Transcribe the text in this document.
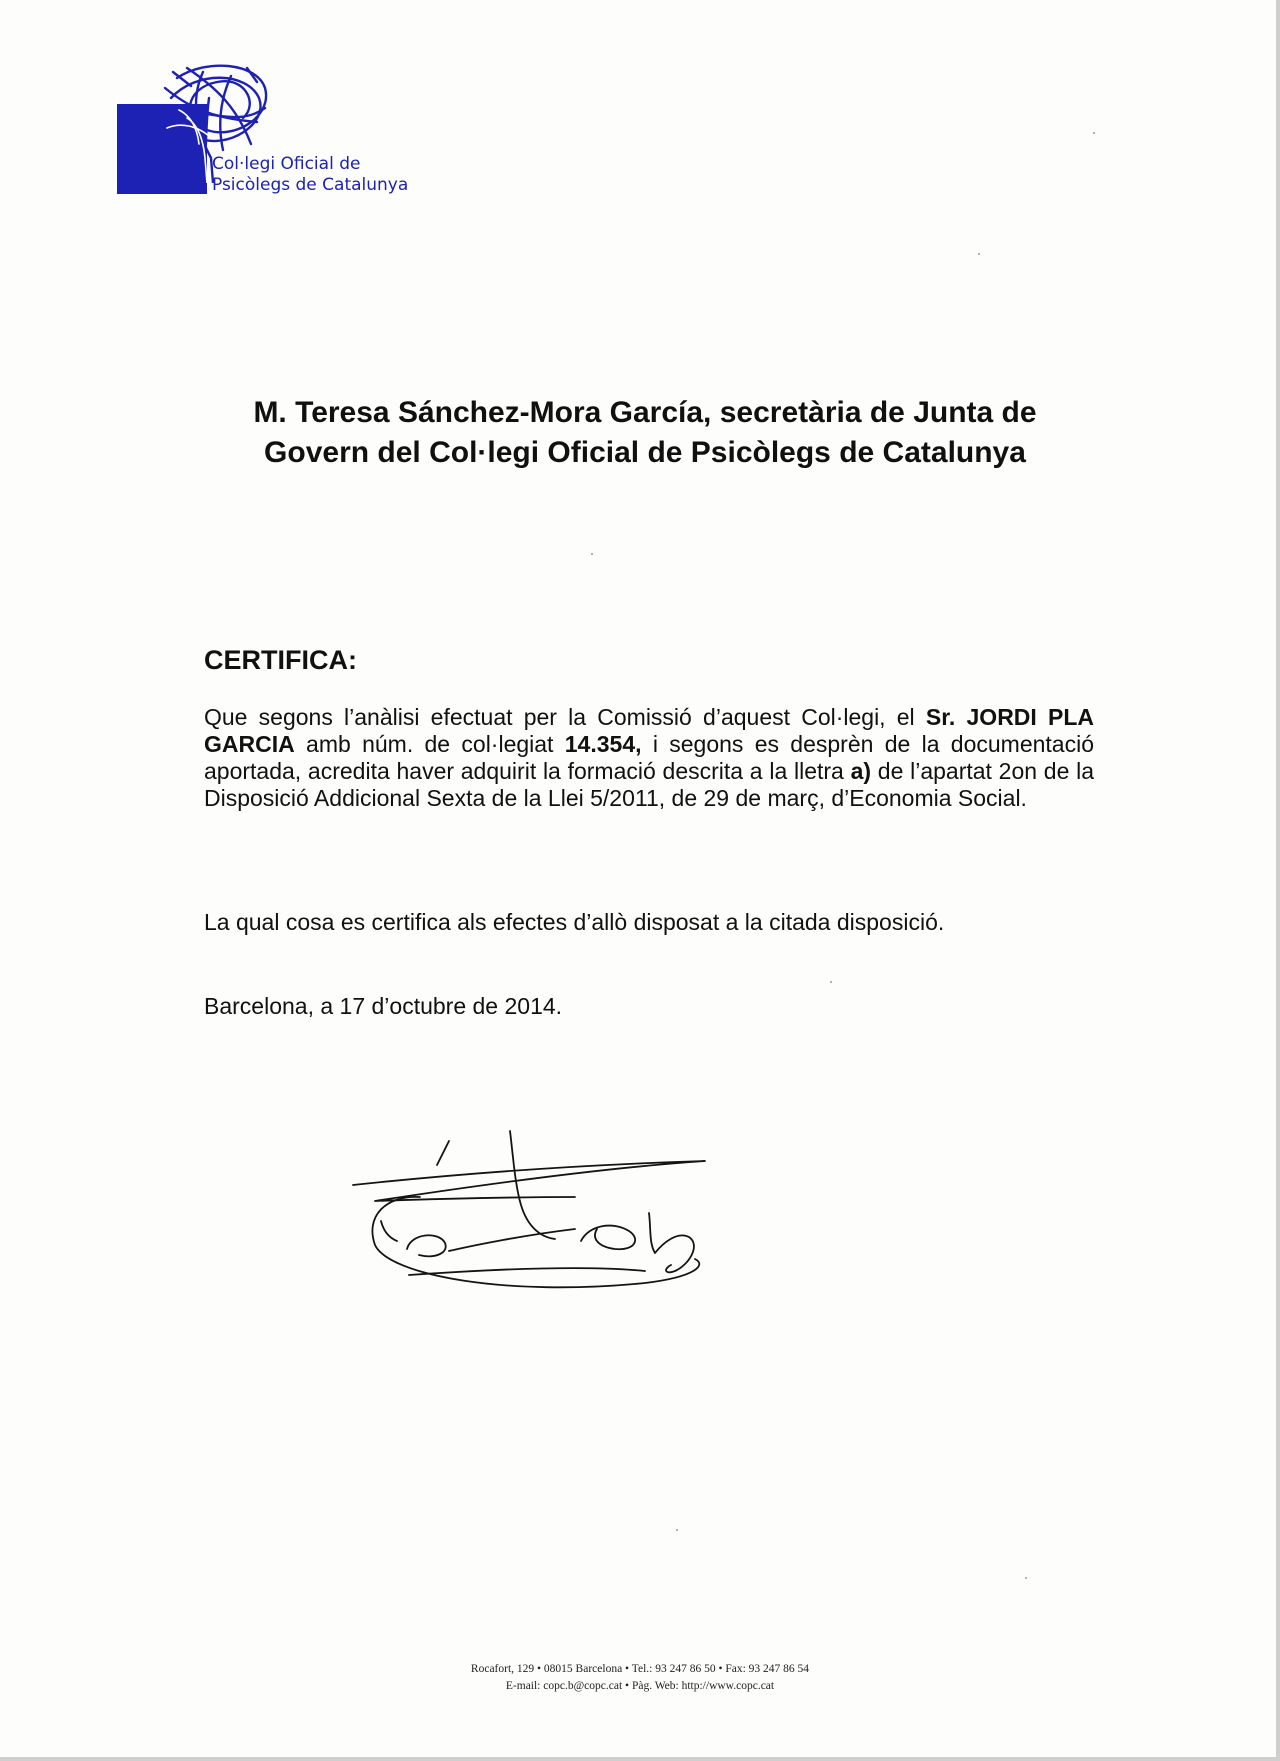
Col·legi Oficial de
Psicòlegs de Catalunya
M. Teresa Sánchez-Mora García, secretària de Junta de
Govern del Col·legi Oficial de Psicòlegs de Catalunya
CERTIFICA:
Que segons l’anàlisi efectuat per la Comissió d’aquest Col·legi, el Sr. JORDI PLA GARCIA amb núm. de col·legiat 14.354, i segons es desprèn de la documentació aportada, acredita haver adquirit la formació descrita a la lletra a) de l’apartat 2on de la Disposició Addicional Sexta de la Llei 5/2011, de 29 de març, d’Economia Social.
La qual cosa es certifica als efectes d’allò disposat a la citada disposició.
Barcelona, a 17 d’octubre de 2014.
Rocafort, 129 • 08015 Barcelona • Tel.: 93 247 86 50 • Fax: 93 247 86 54
E-mail: copc.b@copc.cat • Pàg. Web: http://www.copc.cat
